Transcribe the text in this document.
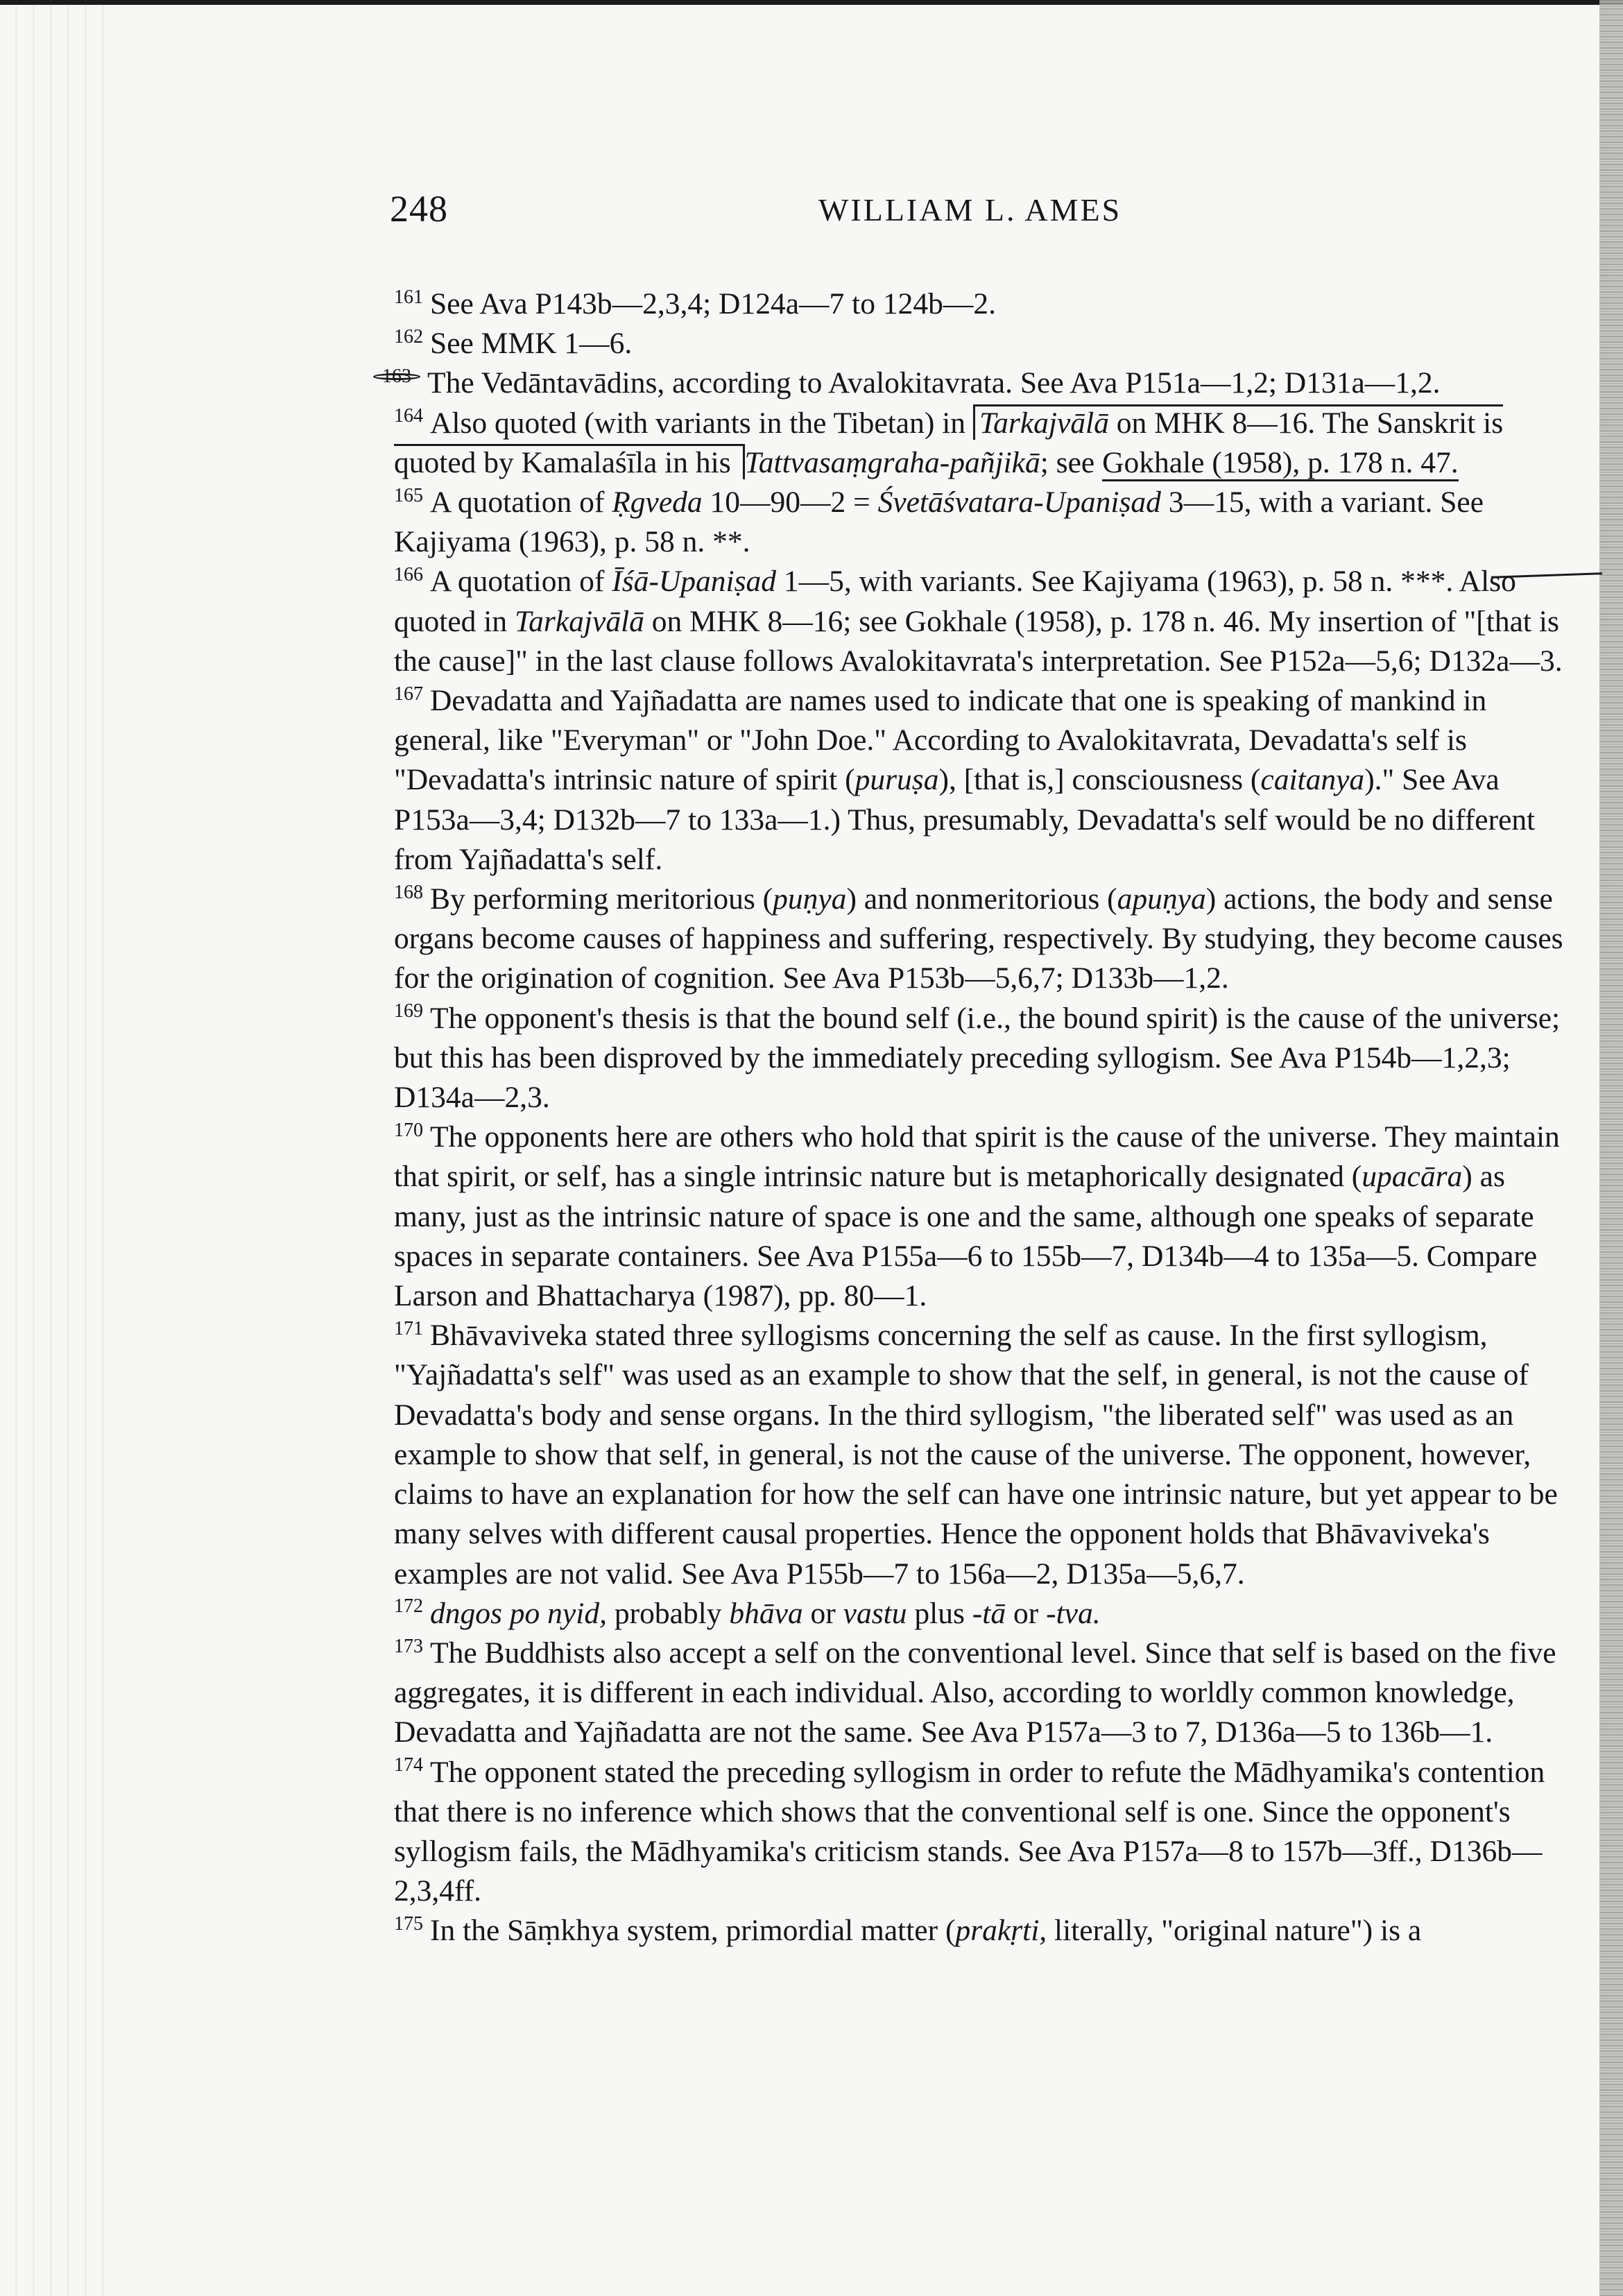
248	WILLIAM L. AMES
$^{161}$ See Ava P143b—2,3,4; D124a—7 to 124b—2.
$^{162}$ See MMK 1—6.
$^{163}$ The Vedāntavādins, according to Avalokitavrata. See Ava P151a—1,2; D131a—1,2.
$^{164}$ Also quoted (with variants in the Tibetan) in Tarkajvālā on MHK 8—16. The Sanskrit is quoted by Kamalaśīla in his Tattvasaṃgraha-pañjikā; see Gokhale (1958), p. 178 n. 47.
$^{165}$ A quotation of Ṛgveda 10—90—2 = Śvetāśvatara-Upaniṣad 3—15, with a variant. See Kajiyama (1963), p. 58 n. **.
$^{166}$ A quotation of Īśā-Upaniṣad 1—5, with variants. See Kajiyama (1963), p. 58 n. ***. Also quoted in Tarkajvālā on MHK 8—16; see Gokhale (1958), p. 178 n. 46. My insertion of "[that is the cause]" in the last clause follows Avalokitavrata's interpretation. See P152a—5,6; D132a—3.
$^{167}$ Devadatta and Yajñadatta are names used to indicate that one is speaking of mankind in general, like "Everyman" or "John Doe." According to Avalokitavrata, Devadatta's self is "Devadatta's intrinsic nature of spirit (puruṣa), [that is,] consciousness (caitanya)." See Ava P153a—3,4; D132b—7 to 133a—1.) Thus, presumably, Devadatta's self would be no different from Yajñadatta's self.
$^{168}$ By performing meritorious (puṇya) and nonmeritorious (apuṇya) actions, the body and sense organs become causes of happiness and suffering, respectively. By studying, they become causes for the origination of cognition. See Ava P153b—5,6,7; D133b—1,2.
$^{169}$ The opponent's thesis is that the bound self (i.e., the bound spirit) is the cause of the universe; but this has been disproved by the immediately preceding syllogism. See Ava P154b—1,2,3; D134a—2,3.
$^{170}$ The opponents here are others who hold that spirit is the cause of the universe. They maintain that spirit, or self, has a single intrinsic nature but is metaphorically designated (upacāra) as many, just as the intrinsic nature of space is one and the same, although one speaks of separate spaces in separate containers. See Ava P155a—6 to 155b—7, D134b—4 to 135a—5. Compare Larson and Bhattacharya (1987), pp. 80—1.
$^{171}$ Bhāvaviveka stated three syllogisms concerning the self as cause. In the first syllogism, "Yajñadatta's self" was used as an example to show that the self, in general, is not the cause of Devadatta's body and sense organs. In the third syllogism, "the liberated self" was used as an example to show that self, in general, is not the cause of the universe. The opponent, however, claims to have an explanation for how the self can have one intrinsic nature, but yet appear to be many selves with different causal properties. Hence the opponent holds that Bhāvaviveka's examples are not valid. See Ava P155b—7 to 156a—2, D135a—5,6,7.
$^{172}$ dngos po nyid, probably bhāva or vastu plus -tā or -tva.
$^{173}$ The Buddhists also accept a self on the conventional level. Since that self is based on the five aggregates, it is different in each individual. Also, according to worldly common knowledge, Devadatta and Yajñadatta are not the same. See Ava P157a—3 to 7, D136a—5 to 136b—1.
$^{174}$ The opponent stated the preceding syllogism in order to refute the Mādhyamika's contention that there is no inference which shows that the conventional self is one. Since the opponent's syllogism fails, the Mādhyamika's criticism stands. See Ava P157a—8 to 157b—3ff., D136b—2,3,4ff.
$^{175}$ In the Sāṃkhya system, primordial matter (prakṛti, literally, "original nature") is a
